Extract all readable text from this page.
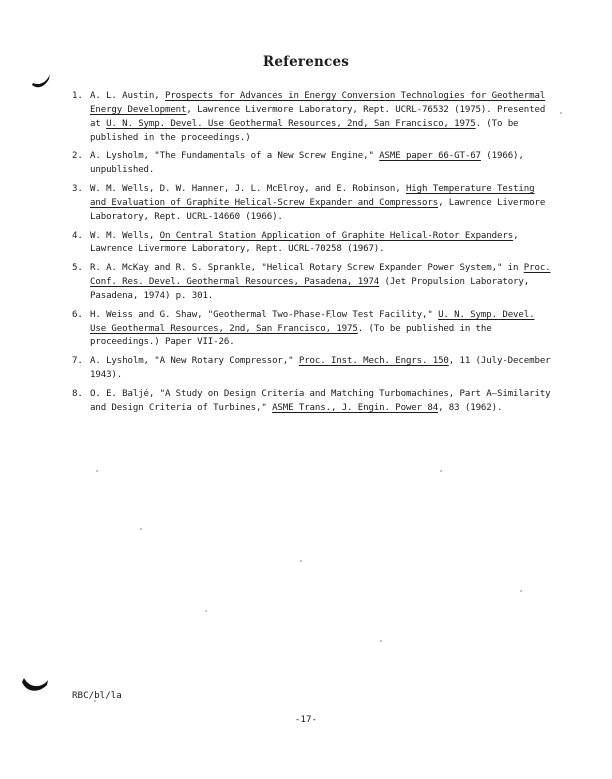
References
1. A. L. Austin, Prospects for Advances in Energy Conversion Technologies for Geothermal Energy Development, Lawrence Livermore Laboratory, Rept. UCRL-76532 (1975). Presented at U. N. Symp. Devel. Use Geothermal Resources, 2nd, San Francisco, 1975. (To be published in the proceedings.)
2. A. Lysholm, "The Fundamentals of a New Screw Engine," ASME paper 66-GT-67 (1966), unpublished.
3. W. M. Wells, D. W. Hanner, J. L. McElroy, and E. Robinson, High Temperature Testing and Evaluation of Graphite Helical-Screw Expander and Compressors, Lawrence Livermore Laboratory, Rept. UCRL-14660 (1966).
4. W. M. Wells, On Central Station Application of Graphite Helical-Rotor Expanders, Lawrence Livermore Laboratory, Rept. UCRL-70258 (1967).
5. R. A. McKay and R. S. Sprankle, "Helical Rotary Screw Expander Power System," in Proc. Conf. Res. Devel. Geothermal Resources, Pasadena, 1974 (Jet Propulsion Laboratory, Pasadena, 1974) p. 301.
6. H. Weiss and G. Shaw, "Geothermal Two-Phase-Flow Test Facility," U. N. Symp. Devel. Use Geothermal Resources, 2nd, San Francisco, 1975. (To be published in the proceedings.) Paper VII-26.
7. A. Lysholm, "A New Rotary Compressor," Proc. Inst. Mech. Engrs. 150, 11 (July-December 1943).
8. O. E. Baljé, "A Study on Design Criteria and Matching Turbomachines, Part A—Similarity and Design Criteria of Turbines," ASME Trans., J. Engin. Power 84, 83 (1962).
RBC/bl/la
-17-
